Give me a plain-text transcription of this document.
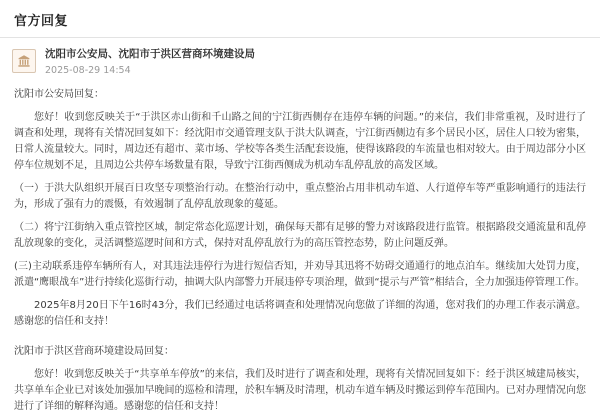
官方回复
沈阳市公安局、沈阳市于洪区营商环境建设局
2025-08-29 14:54
沈阳市公安局回复：

您好！收到您反映关于“于洪区赤山街和千山路之间的宁江街西侧存在违停车辆的问题。”的来信，我们非常重视，及时进行了调查和处理，现将有关情况回复如下：经沈阳市交通管理支队于洪大队调查，宁江街西侧边有多个居民小区，居住人口较为密集，日常人流量较大。同时，周边还有超市、菜市场、学校等各类生活配套设施，使得该路段的车流量也相对较大。由于周边部分小区停车位规划不足，且周边公共停车场数量有限，导致宁江街西侧成为机动车乱停乱放的高发区域。

（一）于洪大队组织开展百日攻坚专项整治行动。在整治行动中，重点整治占用非机动车道、人行道停车等严重影响通行的违法行为，形成了强有力的震慑，有效遏制了乱停乱放现象的蔓延。

（二）将宁江街纳入重点管控区域，制定常态化巡逻计划，确保每天都有足够的警力对该路段进行监管。根据路段交通流量和乱停乱放现象的变化，灵活调整巡逻时间和方式，保持对乱停乱放行为的高压管控态势，防止问题反弹。

(三)主动联系违停车辆所有人，对其违法违停行为进行短信否知，并劝导其迅将不妨碍交通通行的地点泊车。继续加大处罚力度，派遣“鹰眼战车”进行持续化巡街行动，抽调大队内部警力开展违停专项治理，做到“提示与严管”相结合，全力加强违停管理工作。

2025年8月20日下午16时43分，我们已经通过电话将调查和处理情况向您做了详细的沟通，您对我们的办理工作表示满意。感谢您的信任和支持！

沈阳市于洪区营商环境建设局回复：

您好！收到您反映关于“共享单车停放”的来信，我们及时进行了调查和处理，现将有关情况回复如下：经于洪区城建局核实，共享单车企业已对该处加强加早晚间的巡检和清理，於积车辆及时清理，机动车道车辆及时搬运到停车范围内。已对办理情况向您进行了详细的解释沟通。感谢您的信任和支持！
